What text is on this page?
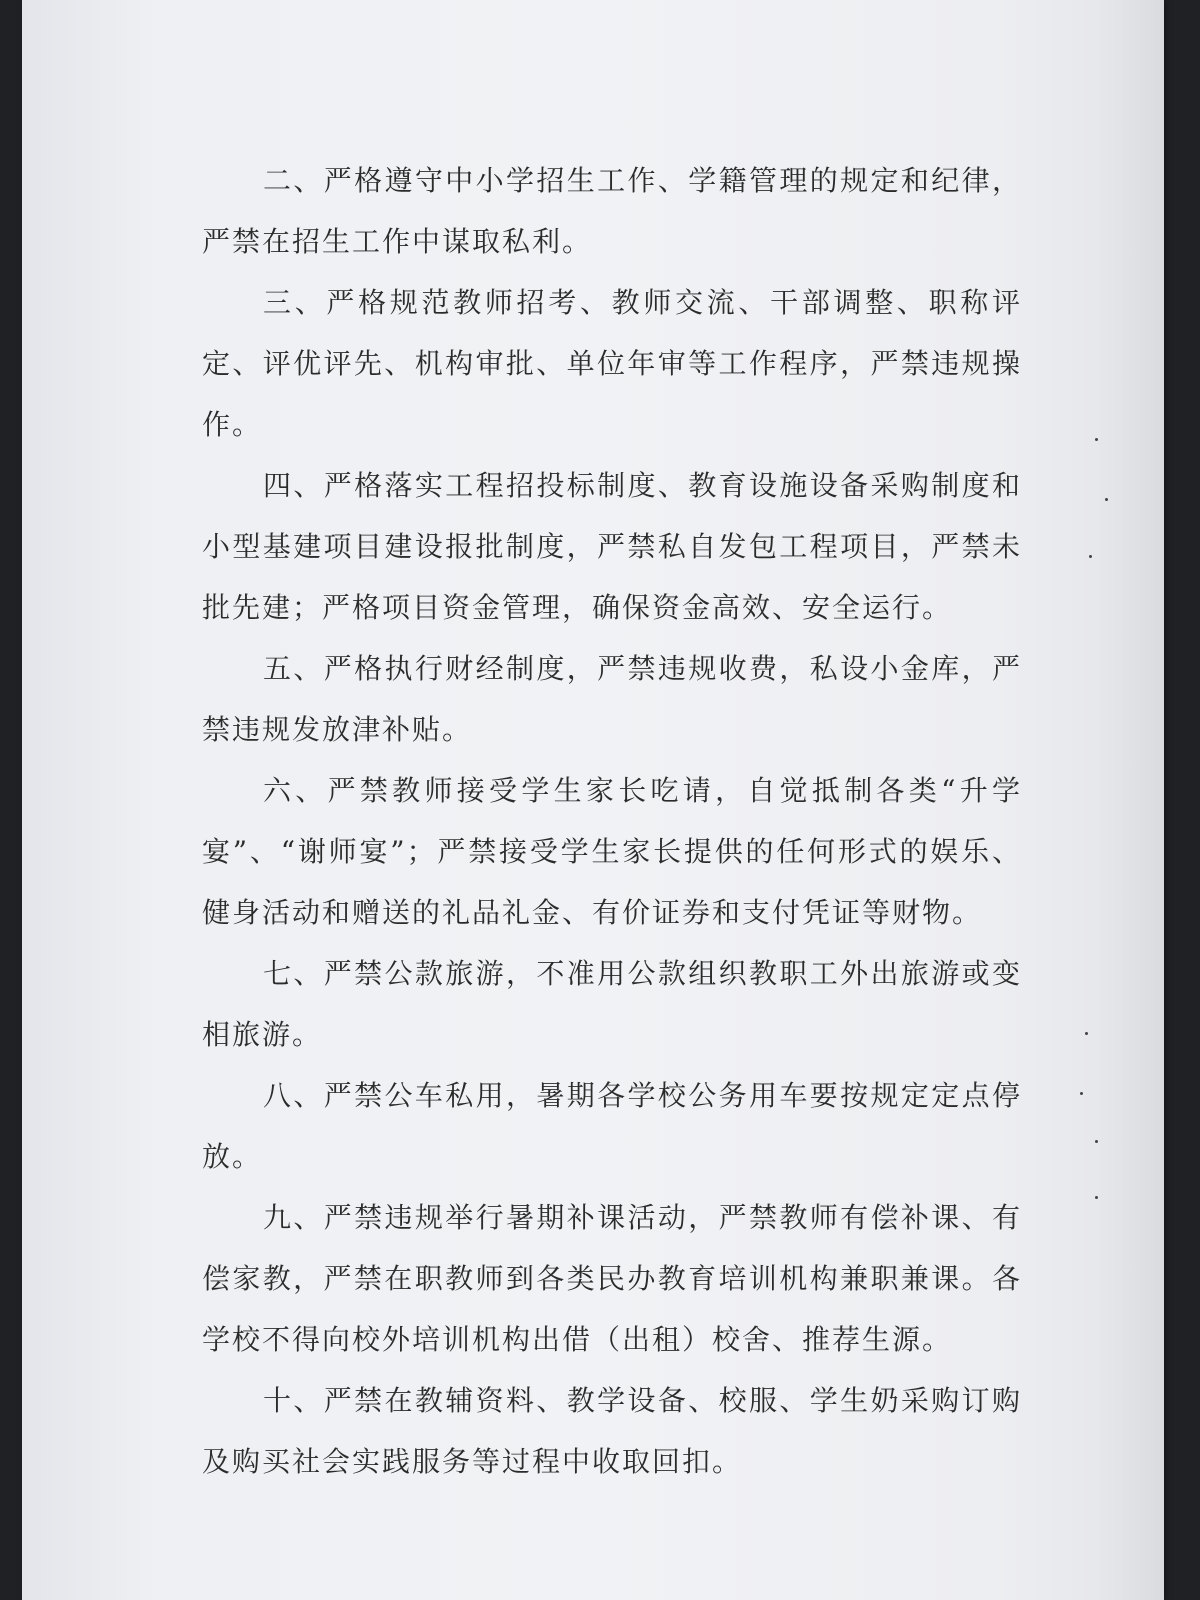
二、严格遵守中小学招生工作、学籍管理的规定和纪律，严禁在招生工作中谋取私利。

三、严格规范教师招考、教师交流、干部调整、职称评定、评优评先、机构审批、单位年审等工作程序，严禁违规操作。

四、严格落实工程招投标制度、教育设施设备采购制度和小型基建项目建设报批制度，严禁私自发包工程项目，严禁未批先建；严格项目资金管理，确保资金高效、安全运行。

五、严格执行财经制度，严禁违规收费，私设小金库，严禁违规发放津补贴。

六、严禁教师接受学生家长吃请，自觉抵制各类“升学宴”、“谢师宴”；严禁接受学生家长提供的任何形式的娱乐、健身活动和赠送的礼品礼金、有价证券和支付凭证等财物。

七、严禁公款旅游，不准用公款组织教职工外出旅游或变相旅游。

八、严禁公车私用，暑期各学校公务用车要按规定定点停放。

九、严禁违规举行暑期补课活动，严禁教师有偿补课、有偿家教，严禁在职教师到各类民办教育培训机构兼职兼课。各学校不得向校外培训机构出借（出租）校舍、推荐生源。

十、严禁在教辅资料、教学设备、校服、学生奶采购订购及购买社会实践服务等过程中收取回扣。
